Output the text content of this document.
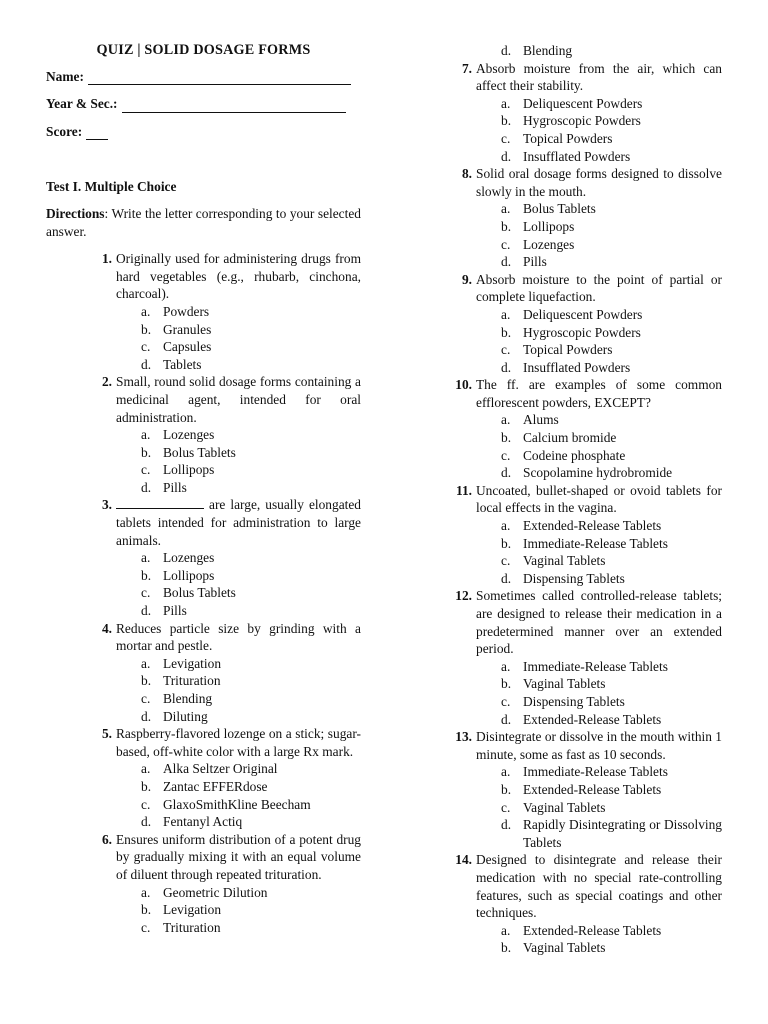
QUIZ | SOLID DOSAGE FORMS
Name:
Year & Sec.:
Score:
Test I. Multiple Choice
Directions: Write the letter corresponding to your selected answer.
1. Originally used for administering drugs from hard vegetables (e.g., rhubarb, cinchona, charcoal).
a. Powders
b. Granules
c. Capsules
d. Tablets
2. Small, round solid dosage forms containing a medicinal agent, intended for oral administration.
a. Lozenges
b. Bolus Tablets
c. Lollipops
d. Pills
3.	are large, usually elongated tablets intended for administration to large animals.
a. Lozenges
b. Lollipops
c. Bolus Tablets
d. Pills
4. Reduces particle size by grinding with a mortar and pestle.
a. Levigation
b. Trituration
c. Blending
d. Diluting
5. Raspberry-flavored lozenge on a stick; sugar-based, off-white color with a large Rx mark.
a. Alka Seltzer Original
b. Zantac EFFERdose
c. GlaxoSmithKline Beecham
d. Fentanyl Actiq
6. Ensures uniform distribution of a potent drug by gradually mixing it with an equal volume of diluent through repeated trituration.
a. Geometric Dilution
b. Levigation
c. Trituration
d. Blending
7. Absorb moisture from the air, which can affect their stability.
a. Deliquescent Powders
b. Hygroscopic Powders
c. Topical Powders
d. Insufflated Powders
8. Solid oral dosage forms designed to dissolve slowly in the mouth.
a. Bolus Tablets
b. Lollipops
c. Lozenges
d. Pills
9. Absorb moisture to the point of partial or complete liquefaction.
a. Deliquescent Powders
b. Hygroscopic Powders
c. Topical Powders
d. Insufflated Powders
10. The ff. are examples of some common efflorescent powders, EXCEPT?
a. Alums
b. Calcium bromide
c. Codeine phosphate
d. Scopolamine hydrobromide
11. Uncoated, bullet-shaped or ovoid tablets for local effects in the vagina.
a. Extended-Release Tablets
b. Immediate-Release Tablets
c. Vaginal Tablets
d. Dispensing Tablets
12. Sometimes called controlled-release tablets; are designed to release their medication in a predetermined manner over an extended period.
a. Immediate-Release Tablets
b. Vaginal Tablets
c. Dispensing Tablets
d. Extended-Release Tablets
13. Disintegrate or dissolve in the mouth within 1 minute, some as fast as 10 seconds.
a. Immediate-Release Tablets
b. Extended-Release Tablets
c. Vaginal Tablets
d. Rapidly Disintegrating or Dissolving Tablets
14. Designed to disintegrate and release their medication with no special rate-controlling features, such as special coatings and other techniques.
a. Extended-Release Tablets
b. Vaginal Tablets
